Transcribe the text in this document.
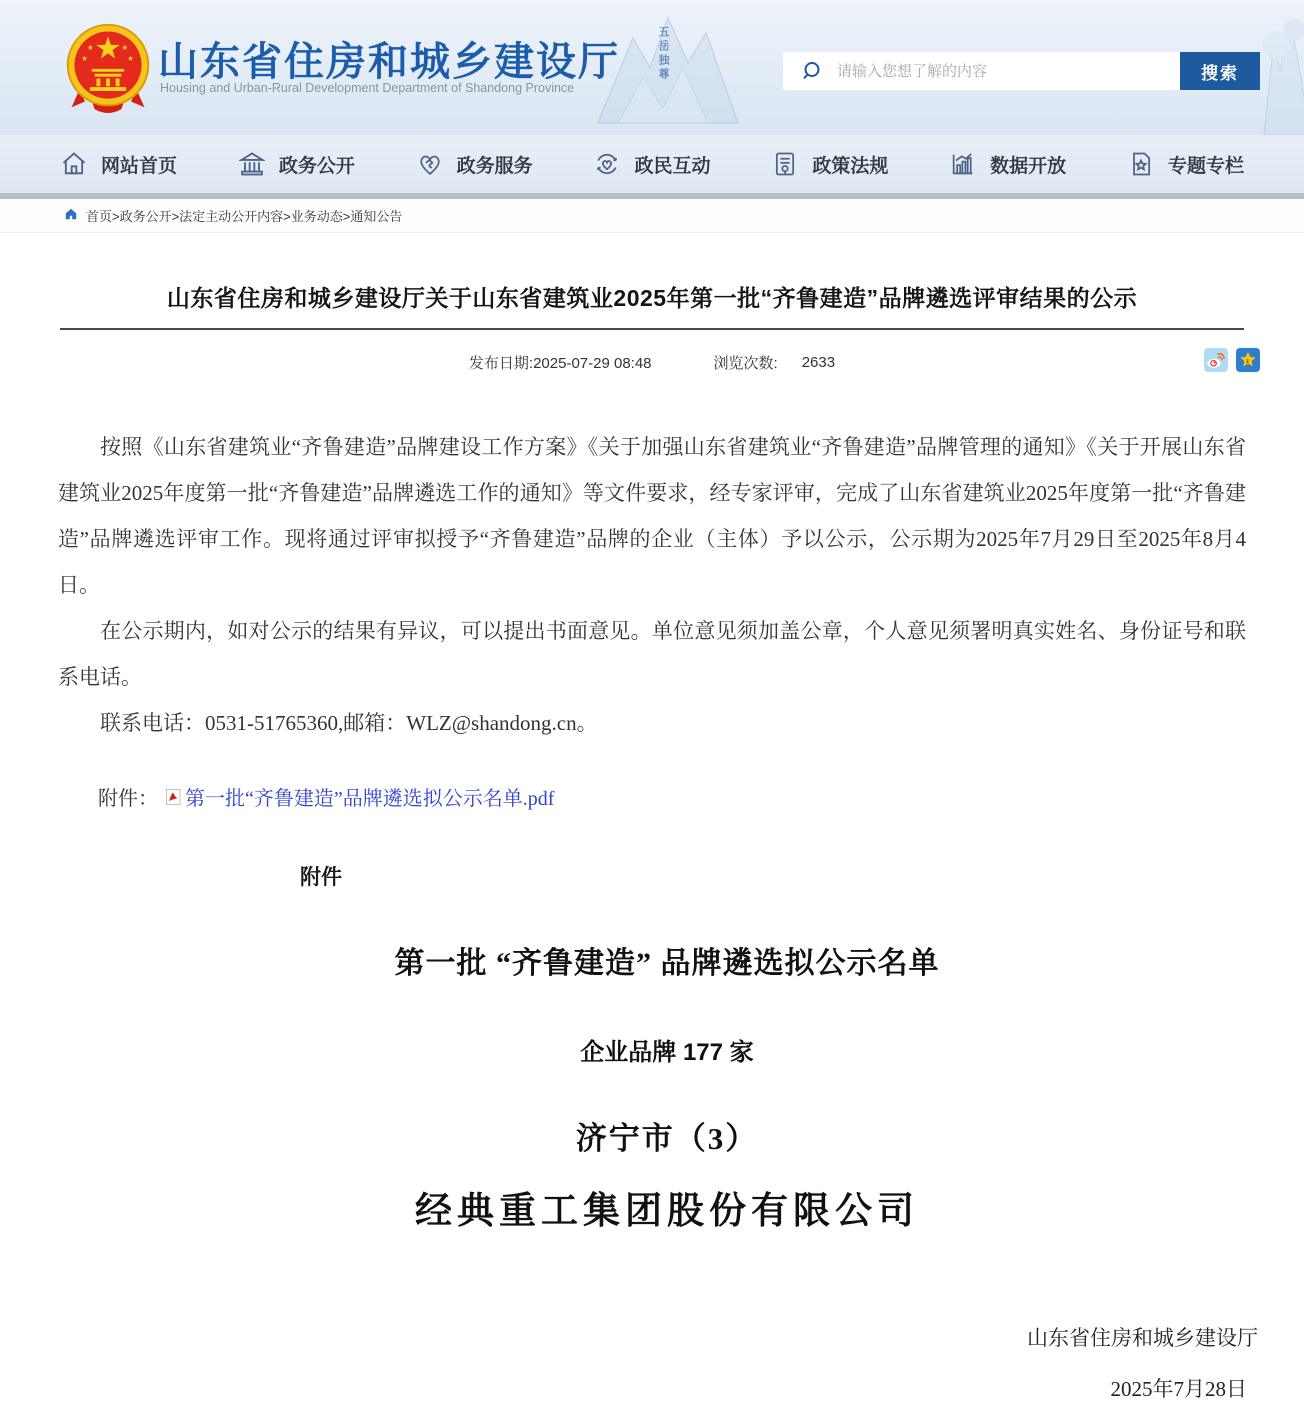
五岳独尊
★
★
★
★ 山东省住房和城乡建设厅
Housing and Urban-Rural Development Department of Shandong Province
请输入您想了解的内容
搜索
网站首页	政务公开	政务服务	政民互动	政策法规	数据开放	专题专栏
首页>政务公开>法定主动公开内容>业务动态>通知公告
山东省住房和城乡建设厅关于山东省建筑业2025年第一批“齐鲁建造”品牌遴选评审结果的公示
发布日期:2025-07-29 08:48	浏览次数: 2633	z

按照《山东省建筑业“齐鲁建造”品牌建设工作方案》《关于加强山东省建筑业“齐鲁建造”品牌管理的通知》《关于开展山东省建筑业2025年度第一批“齐鲁建造”品牌遴选工作的通知》等文件要求，经专家评审，完成了山东省建筑业2025年度第一批“齐鲁建造”品牌遴选评审工作。现将通过评审拟授予“齐鲁建造”品牌的企业（主体）予以公示，公示期为2025年7月29日至2025年8月4日。

在公示期内，如对公示的结果有异议，可以提出书面意见。单位意见须加盖公章，个人意见须署明真实姓名、身份证号和联系电话。

联系电话：0531-51765360,邮箱：WLZ@shandong.cn。

附件： 第一批“齐鲁建造”品牌遴选拟公示名单.pdf
附件
第一批 “齐鲁建造” 品牌遴选拟公示名单
企业品牌 177 家
济宁市（3）
经典重工集团股份有限公司
山东省住房和城乡建设厅
2025年7月28日
